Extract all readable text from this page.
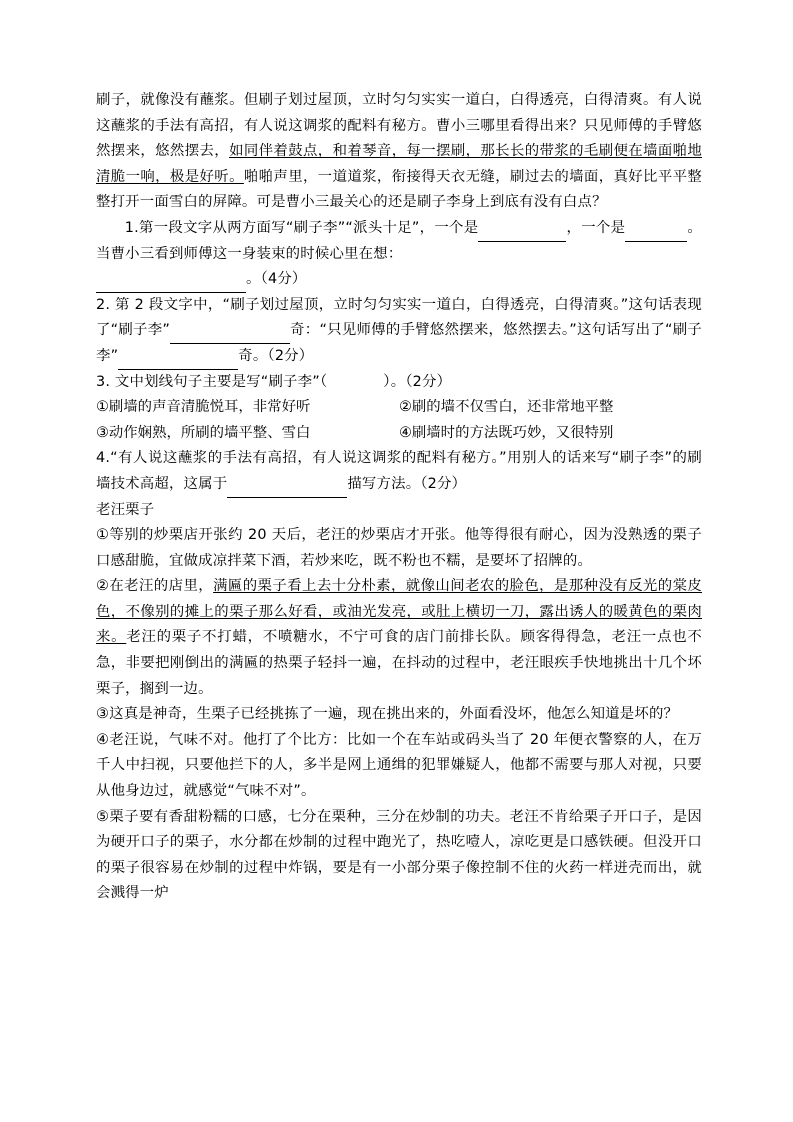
刷子，就像没有蘸浆。但刷子划过屋顶，立时匀匀实实一道白，白得透亮，白得清爽。有人说这蘸浆的手法有高招，有人说这调浆的配料有秘方。曹小三哪里看得出来？只见师傅的手臂悠然摆来，悠然摆去，如同伴着鼓点，和着琴音，每一摆刷，那长长的带浆的毛刷便在墙面啪地清脆一响，极是好听。啪啪声里，一道道浆，衔接得天衣无缝，刷过去的墙面，真好比平平整整打开一面雪白的屏障。可是曹小三最关心的还是刷子李身上到底有没有白点？

1.第一段文字从两方面写“刷子李”“派头十足”，一个是	，一个是	。当曹小三看到师傅这一身装束的时候心里在想：
。（4分）

2. 第 2 段文字中，“刷子划过屋顶，立时匀匀实实一道白，白得透亮，白得清爽。”这句话表现了“刷子李”	奇：“只见师傅的手臂悠然摆来，悠然摆去。”这句话写出了“刷子李”	奇。（2分）

3. 文中划线句子主要是写“刷子李”（	）。（2分）

①刷墙的声音清脆悦耳，非常好听	②刷的墙不仅雪白，还非常地平整
③动作娴熟，所刷的墙平整、雪白	④刷墙时的方法既巧妙，又很特别

4.“有人说这蘸浆的手法有高招，有人说这调浆的配料有秘方。”用别人的话来写“刷子李”的刷墙技术高超，这属于	描写方法。（2分）

老汪栗子

①等别的炒栗店开张约 20 天后，老汪的炒栗店才开张。他等得很有耐心，因为没熟透的栗子口感甜脆，宜做成凉拌菜下酒，若炒来吃，既不粉也不糯，是要坏了招牌的。

②在老汪的店里，满匾的栗子看上去十分朴素，就像山间老农的脸色，是那种没有反光的棠皮色，不像别的摊上的栗子那么好看，或油光发亮，或肚上横切一刀，露出诱人的暖黄色的栗肉来。老汪的栗子不打蜡，不喷糖水，不宁可食的店门前排长队。顾客得得急，老汪一点也不急，非要把刚倒出的满匾的热栗子轻抖一遍，在抖动的过程中，老汪眼疾手快地挑出十几个坏栗子，搁到一边。

③这真是神奇，生栗子已经挑拣了一遍，现在挑出来的，外面看没坏，他怎么知道是坏的？

④老汪说，气味不对。他打了个比方：比如一个在车站或码头当了 20 年便衣警察的人，在万千人中扫视，只要他拦下的人，多半是网上通缉的犯罪嫌疑人，他都不需要与那人对视，只要从他身边过，就感觉“气味不对”。

⑤栗子要有香甜粉糯的口感，七分在栗种，三分在炒制的功夫。老汪不肯给栗子开口子，是因为硬开口子的栗子，水分都在炒制的过程中跑光了，热吃噎人，凉吃更是口感铁硬。但没开口的栗子很容易在炒制的过程中炸锅，要是有一小部分栗子像控制不住的火药一样迸壳而出，就会溅得一炉
